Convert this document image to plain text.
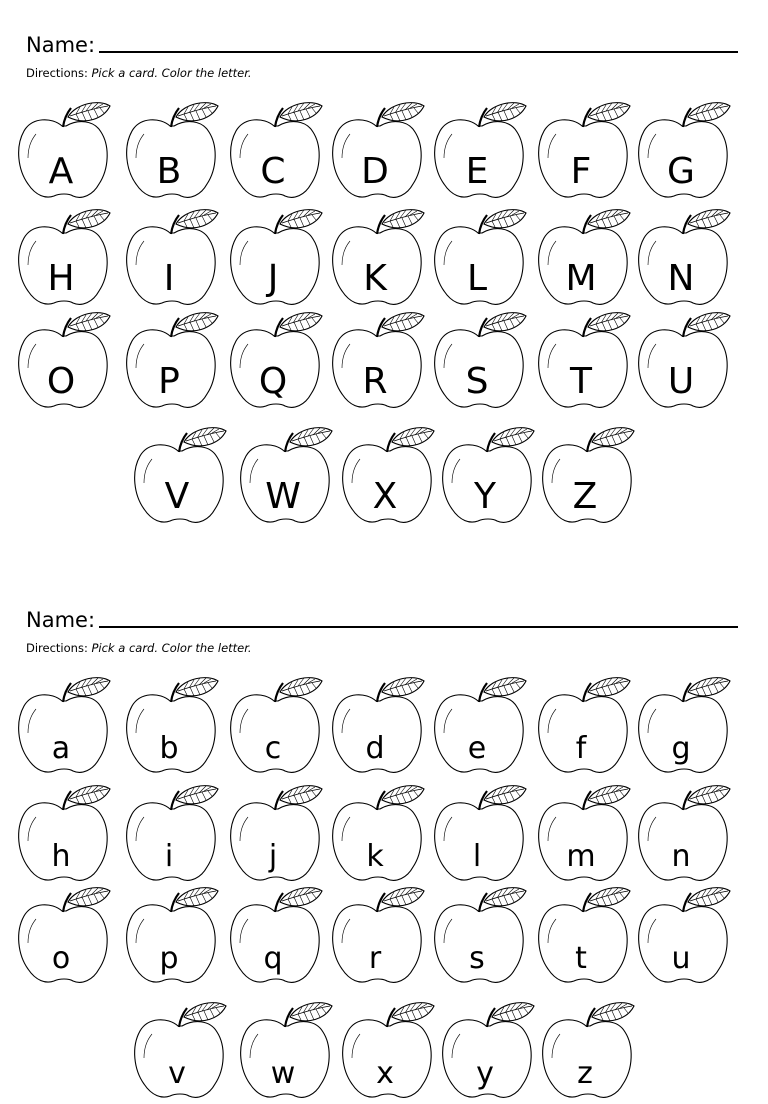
Name:
Directions: Pick a card. Color the letter.
A	B	C	D	E	F	G
H	I	J	K	L	M	N
O	P	Q	R	S	T	U
V	W	X	Y	Z
Name:
Directions: Pick a card. Color the letter.
a	b	c	d	e	f	g
h	i	j	k	l	m	n
o	p	q	r	s	t	u
v	w	x	y	z
